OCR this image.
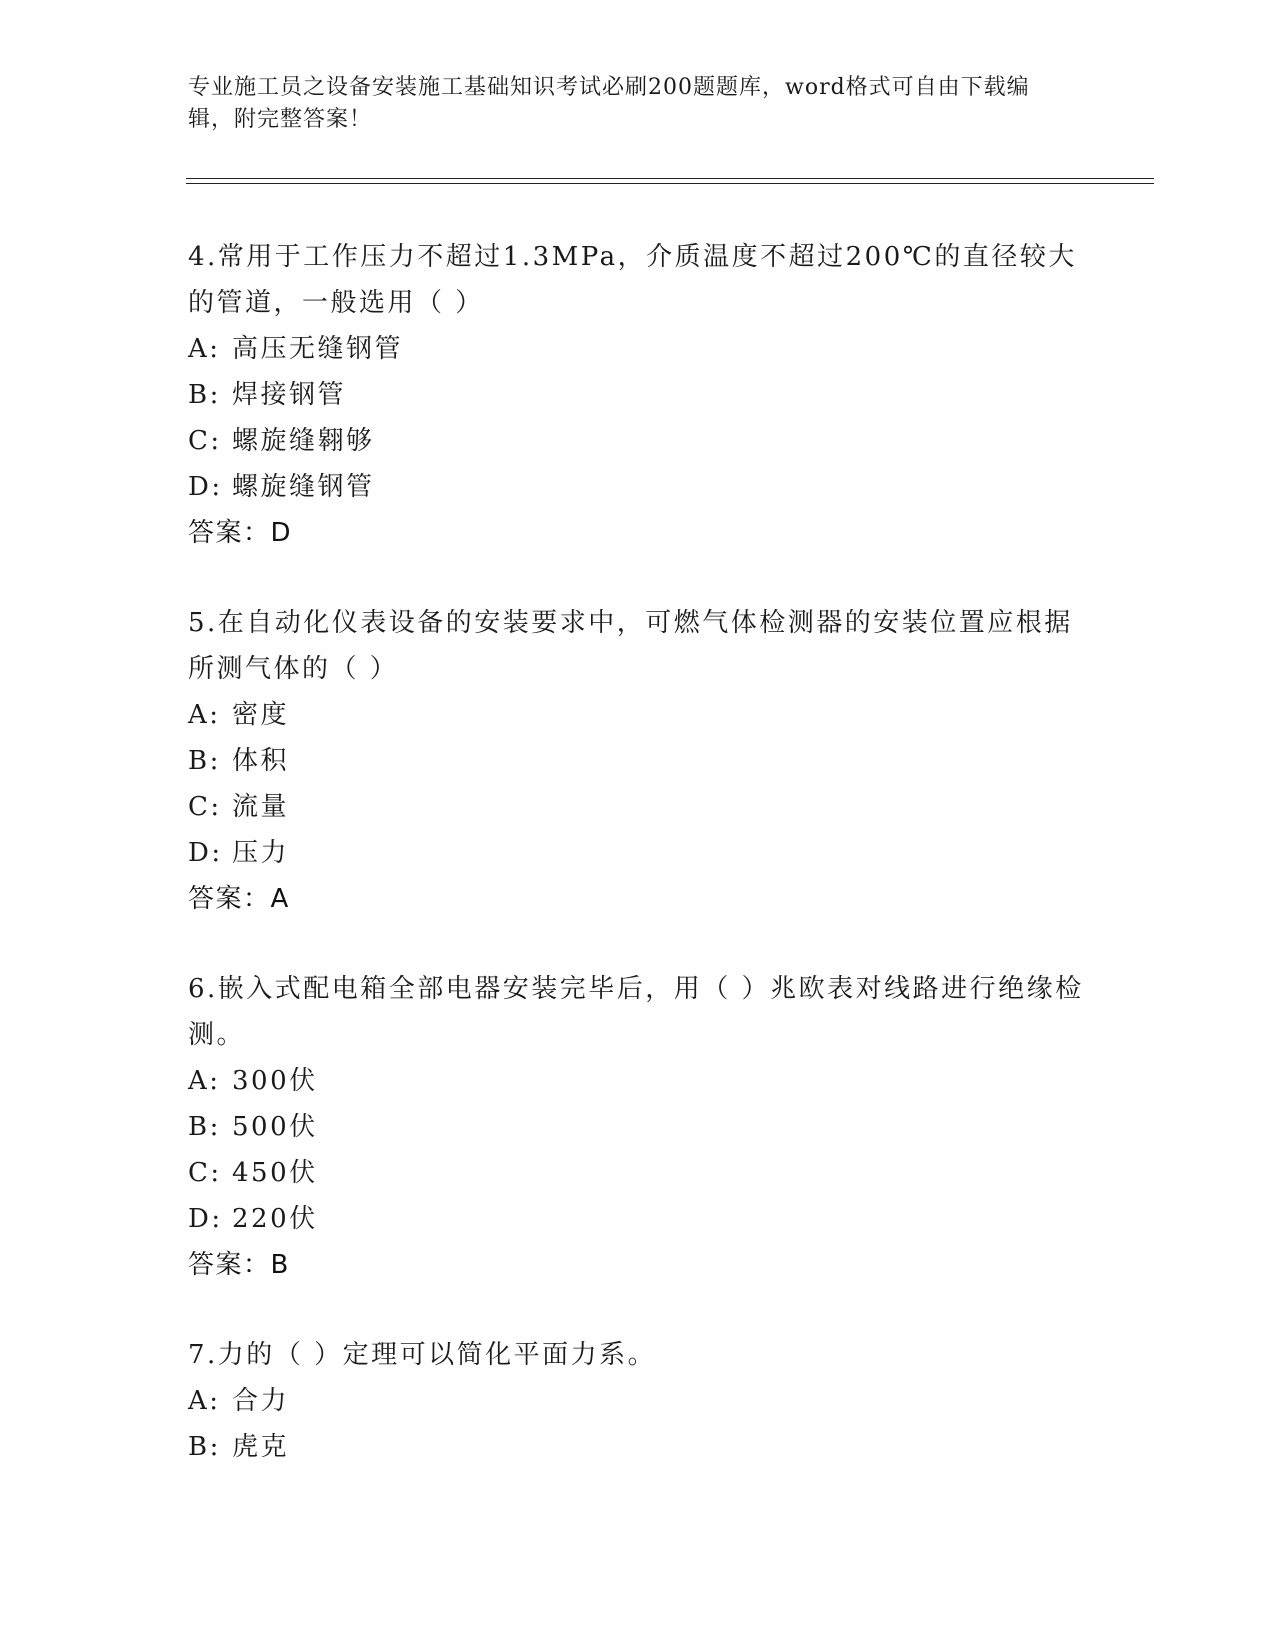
专业施工员之设备安装施工基础知识考试必刷200题题库，word格式可自由下载编辑，附完整答案！

4.常用于工作压力不超过1.3MPa，介质温度不超过200℃的直径较大的管道，一般选用（ ）

A: 高压无缝钢管
B: 焊接钢管
C: 螺旋缝翱够
D: 螺旋缝钢管
答案：D

5.在自动化仪表设备的安装要求中，可燃气体检测器的安装位置应根据所测气体的（ ）

A: 密度
B: 体积
C: 流量
D: 压力
答案：A

6.嵌入式配电箱全部电器安装完毕后，用（ ）兆欧表对线路进行绝缘检测。

A: 300伏
B: 500伏
C: 450伏
D: 220伏
答案：B

7.力的（ ）定理可以简化平面力系。

A: 合力
B: 虎克
